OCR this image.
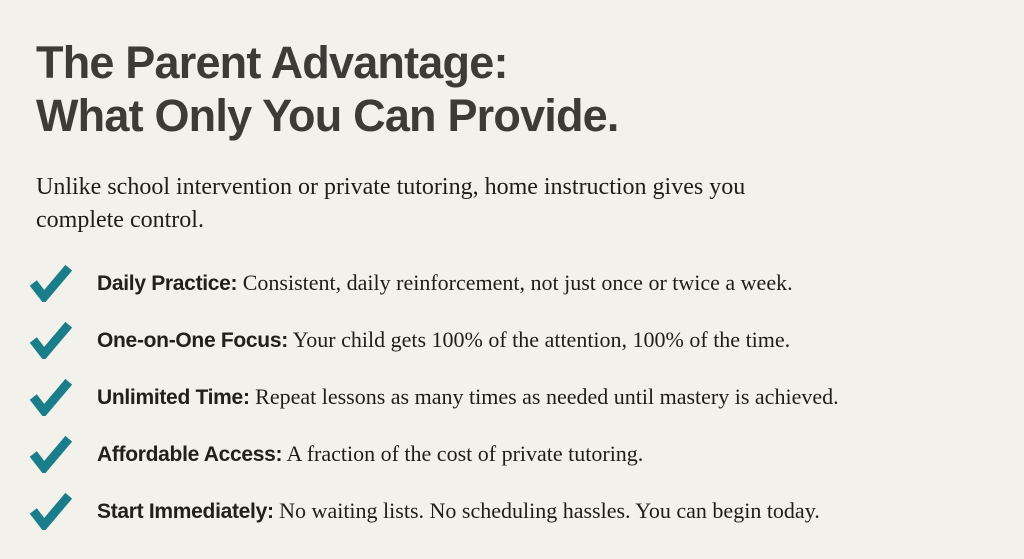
The Parent Advantage:
What Only You Can Provide.

Unlike school intervention or private tutoring, home instruction gives you
complete control.

Daily Practice: Consistent, daily reinforcement, not just once or twice a week.
One-on-One Focus: Your child gets 100% of the attention, 100% of the time.
Unlimited Time: Repeat lessons as many times as needed until mastery is achieved.
Affordable Access: A fraction of the cost of private tutoring.
Start Immediately: No waiting lists. No scheduling hassles. You can begin today.
